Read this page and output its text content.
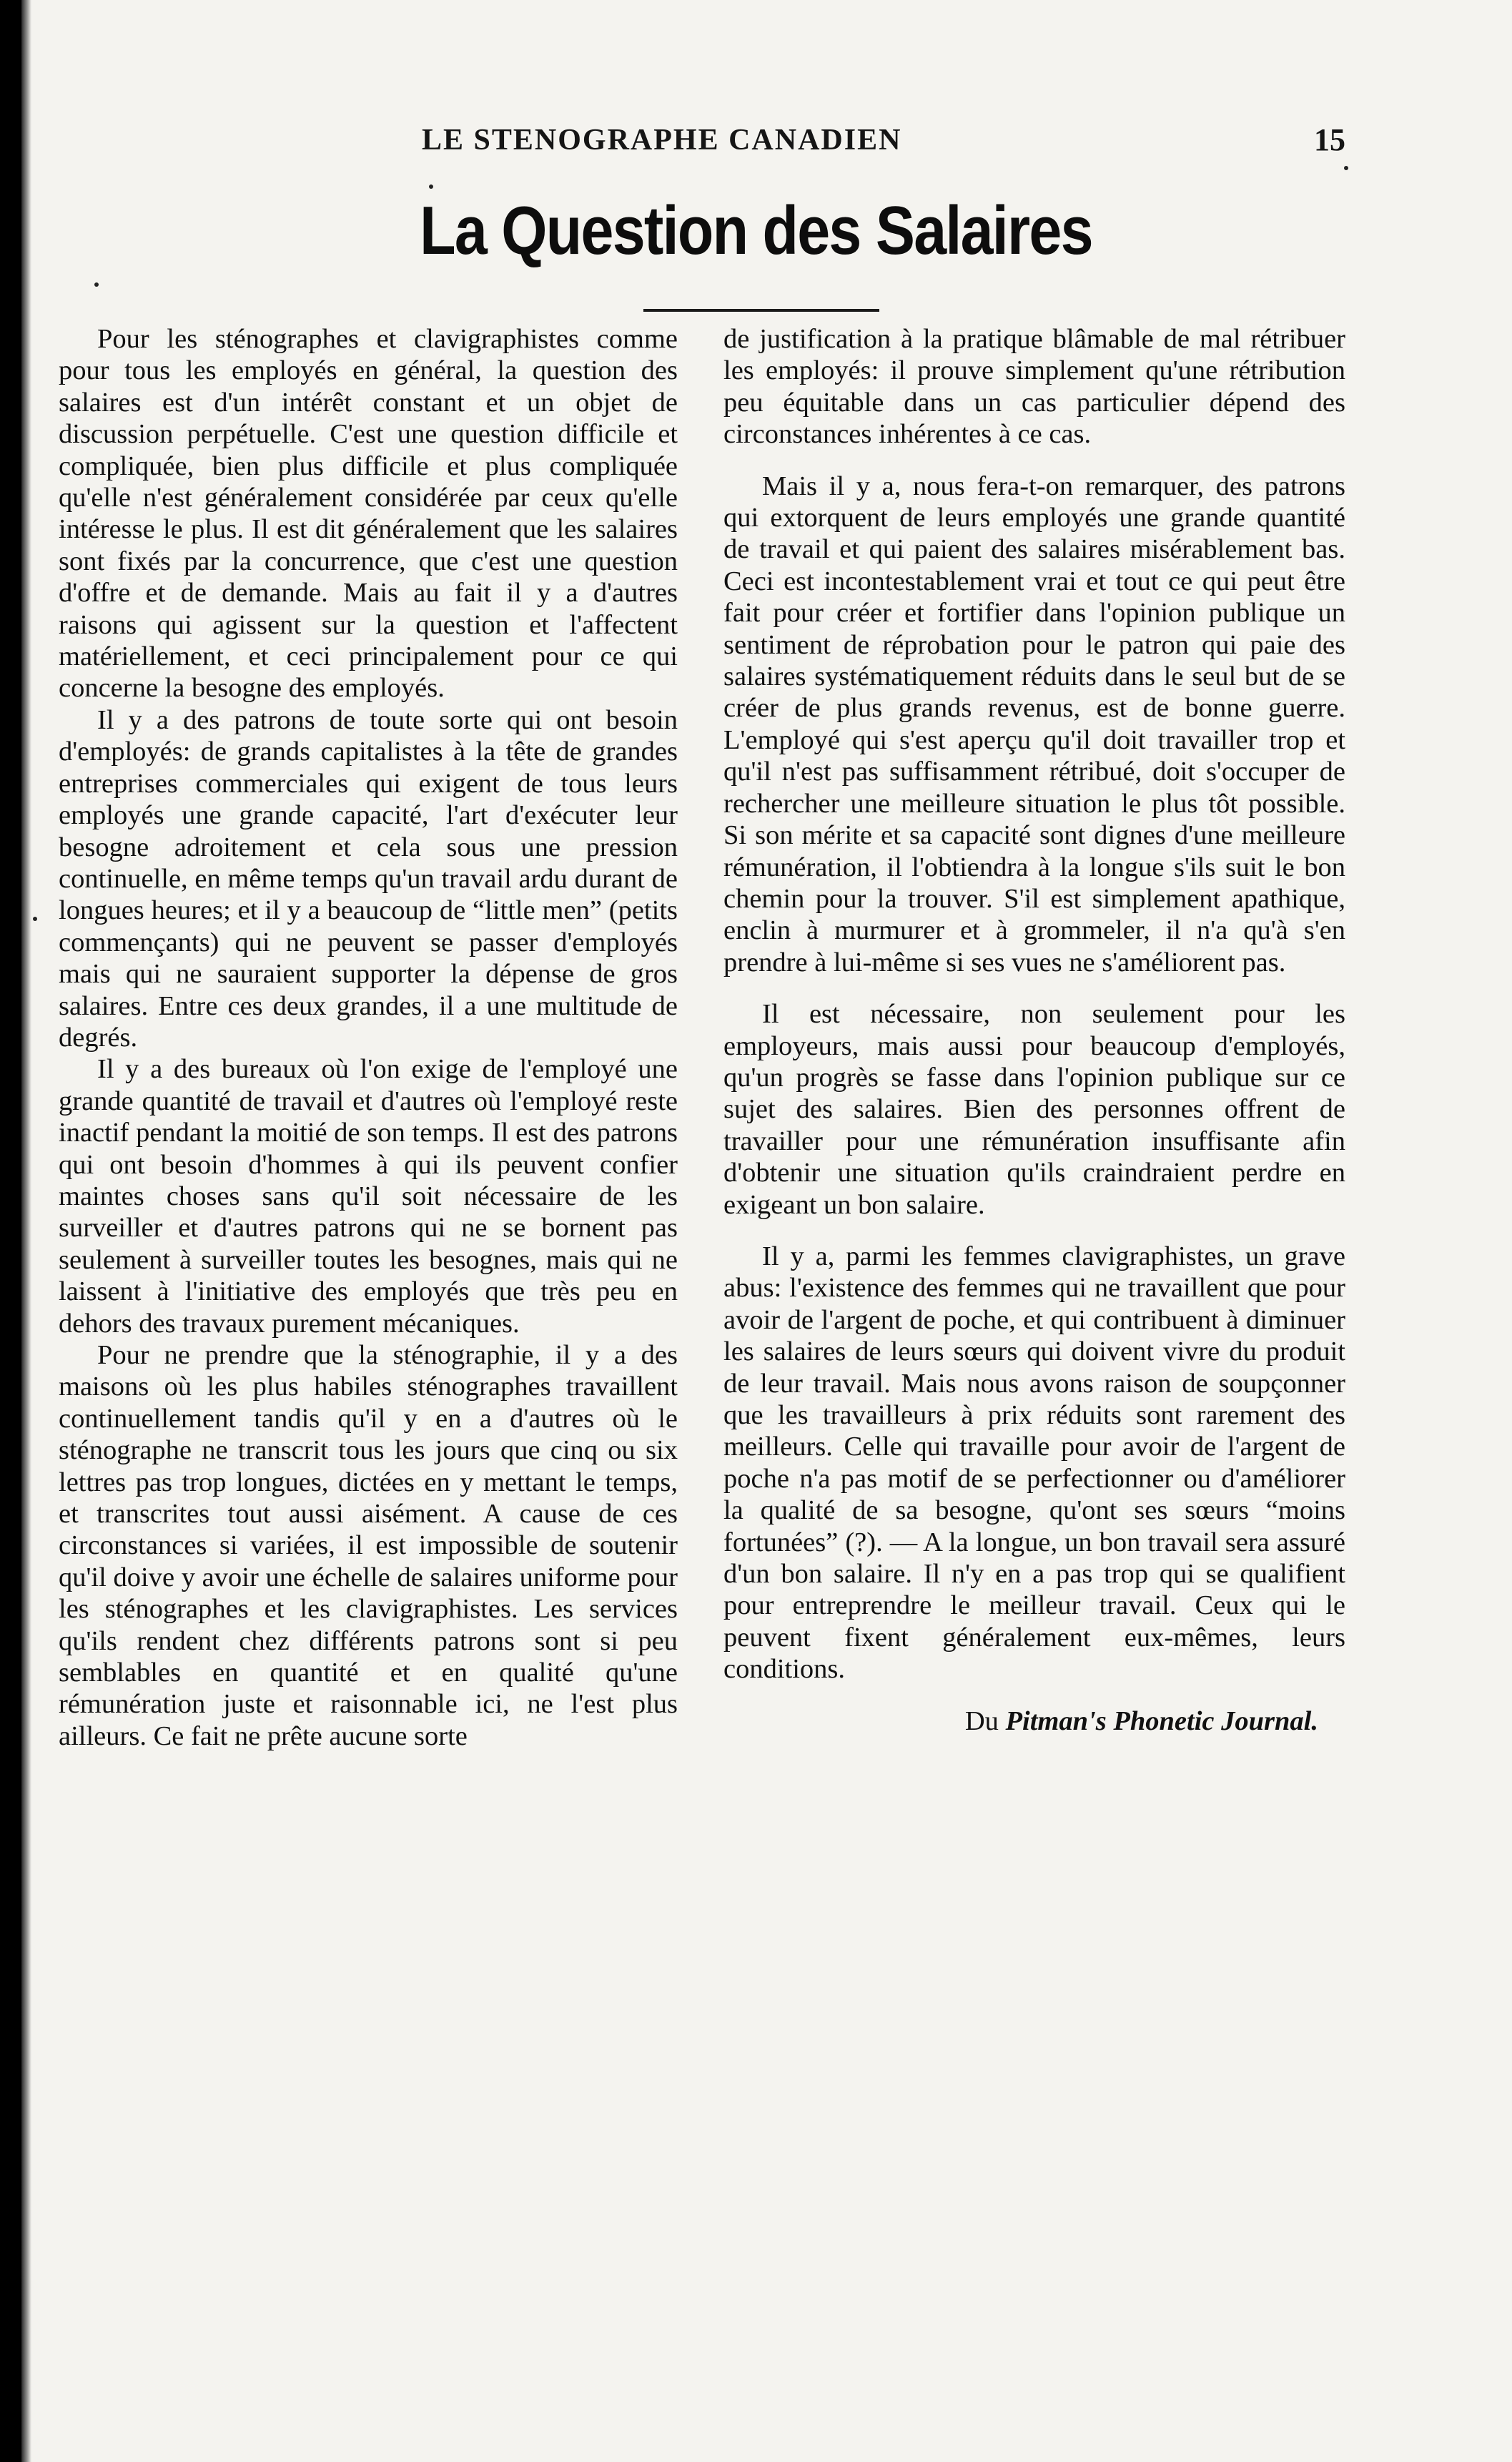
LE STENOGRAPHE CANADIEN	15
La Question des Salaires

Pour les sténographes et clavigraphistes comme pour tous les employés en général, la question des salaires est d'un intérêt constant et un objet de discussion perpétuelle. C'est une question difficile et compliquée, bien plus difficile et plus compliquée qu'elle n'est généralement considérée par ceux qu'elle intéresse le plus. Il est dit généralement que les salaires sont fixés par la concurrence, que c'est une question d'offre et de demande. Mais au fait il y a d'autres raisons qui agissent sur la question et l'affectent matériellement, et ceci principalement pour ce qui concerne la besogne des employés.

Il y a des patrons de toute sorte qui ont besoin d'employés: de grands capitalistes à la tête de grandes entreprises commerciales qui exigent de tous leurs employés une grande capacité, l'art d'exécuter leur besogne adroitement et cela sous une pression continuelle, en même temps qu'un travail ardu durant de longues heures; et il y a beaucoup de “little men” (petits commençants) qui ne peuvent se passer d'employés mais qui ne sauraient supporter la dépense de gros salaires. Entre ces deux grandes, il a une multitude de degrés.

Il y a des bureaux où l'on exige de l'employé une grande quantité de travail et d'autres où l'employé reste inactif pendant la moitié de son temps. Il est des patrons qui ont besoin d'hommes à qui ils peuvent confier maintes choses sans qu'il soit nécessaire de les surveiller et d'autres patrons qui ne se bornent pas seulement à surveiller toutes les besognes, mais qui ne laissent à l'initiative des employés que très peu en dehors des travaux purement mécaniques.

Pour ne prendre que la sténographie, il y a des maisons où les plus habiles sténographes travaillent continuellement tandis qu'il y en a d'autres où le sténographe ne transcrit tous les jours que cinq ou six lettres pas trop longues, dictées en y mettant le temps, et transcrites tout aussi aisément. A cause de ces circonstances si variées, il est impossible de soutenir qu'il doive y avoir une échelle de salaires uniforme pour les sténographes et les clavigraphistes. Les services qu'ils rendent chez différents patrons sont si peu semblables en quantité et en qualité qu'une rémunération juste et raisonnable ici, ne l'est plus ailleurs. Ce fait ne prête aucune sorte

de justification à la pratique blâmable de mal rétribuer les employés: il prouve simplement qu'une rétribution peu équitable dans un cas particulier dépend des circonstances inhérentes à ce cas.

Mais il y a, nous fera-t-on remarquer, des patrons qui extorquent de leurs employés une grande quantité de travail et qui paient des salaires misérablement bas. Ceci est incontestablement vrai et tout ce qui peut être fait pour créer et fortifier dans l'opinion publique un sentiment de réprobation pour le patron qui paie des salaires systématiquement réduits dans le seul but de se créer de plus grands revenus, est de bonne guerre. L'employé qui s'est aperçu qu'il doit travailler trop et qu'il n'est pas suffisamment rétribué, doit s'occuper de rechercher une meilleure situation le plus tôt possible. Si son mérite et sa capacité sont dignes d'une meilleure rémunération, il l'obtiendra à la longue s'ils suit le bon chemin pour la trouver. S'il est simplement apathique, enclin à murmurer et à grommeler, il n'a qu'à s'en prendre à lui-même si ses vues ne s'améliorent pas.

Il est nécessaire, non seulement pour les employeurs, mais aussi pour beaucoup d'employés, qu'un progrès se fasse dans l'opinion publique sur ce sujet des salaires. Bien des personnes offrent de travailler pour une rémunération insuffisante afin d'obtenir une situation qu'ils craindraient perdre en exigeant un bon salaire.

Il y a, parmi les femmes clavigraphistes, un grave abus: l'existence des femmes qui ne travaillent que pour avoir de l'argent de poche, et qui contribuent à diminuer les salaires de leurs sœurs qui doivent vivre du produit de leur travail. Mais nous avons raison de soupçonner que les travailleurs à prix réduits sont rarement des meilleurs. Celle qui travaille pour avoir de l'argent de poche n'a pas motif de se perfectionner ou d'améliorer la qualité de sa besogne, qu'ont ses sœurs “moins fortunées” (?). — A la longue, un bon travail sera assuré d'un bon salaire. Il n'y en a pas trop qui se qualifient pour entreprendre le meilleur travail. Ceux qui le peuvent fixent généralement eux-mêmes, leurs conditions.

Du Pitman's Phonetic Journal.
